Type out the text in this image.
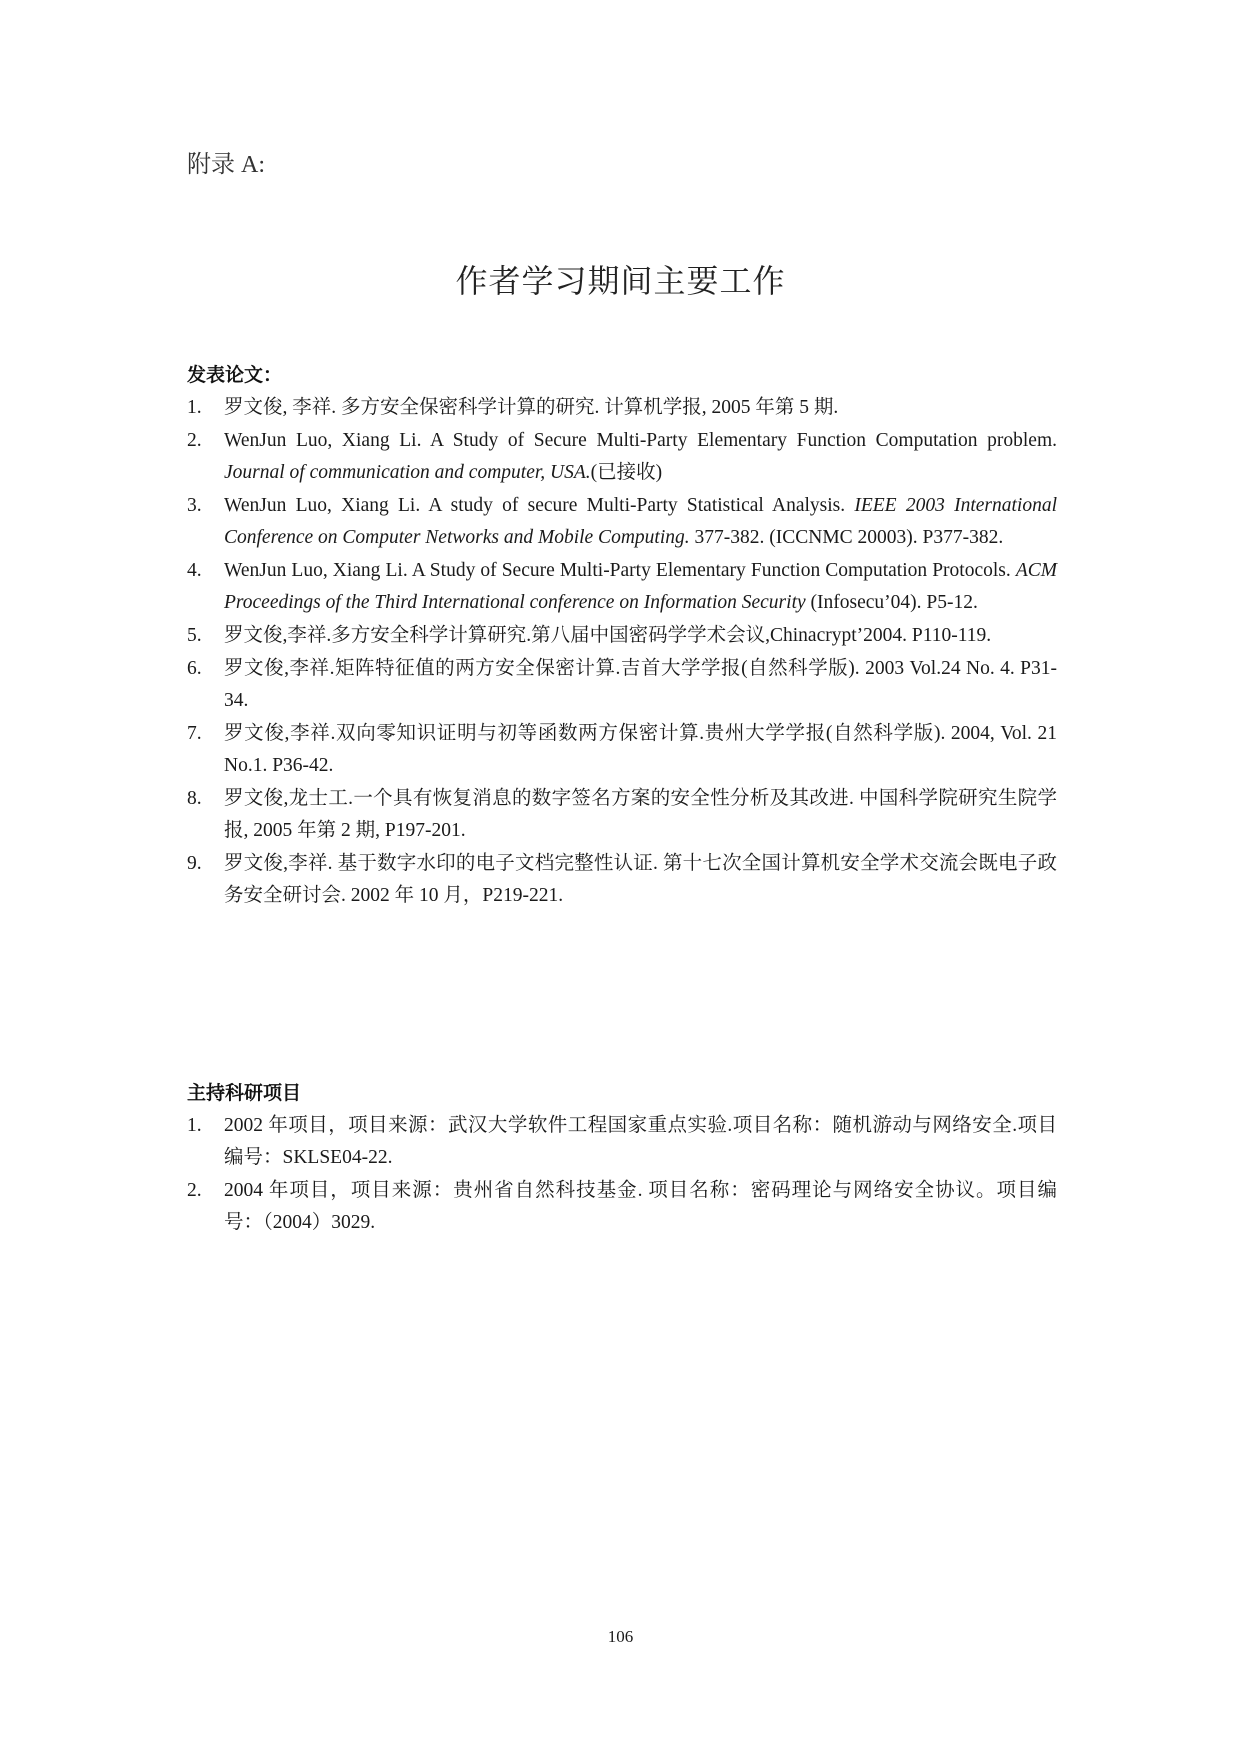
附录 A:
作者学习期间主要工作
发表论文：
1.	罗文俊, 李祥. 多方安全保密科学计算的研究. 计算机学报, 2005 年第 5 期.
2.	WenJun Luo, Xiang Li. A Study of Secure Multi-Party Elementary Function Computation problem. Journal of communication and computer, USA.(已接收)
3.	WenJun Luo, Xiang Li. A study of secure Multi-Party Statistical Analysis. IEEE 2003 International Conference on Computer Networks and Mobile Computing. 377-382. (ICCNMC 20003). P377-382.
4.	WenJun Luo, Xiang Li. A Study of Secure Multi-Party Elementary Function Computation Protocols. ACM Proceedings of the Third International conference on Information Security (Infosecu’04). P5-12.
5.	罗文俊,李祥.多方安全科学计算研究.第八届中国密码学学术会议,Chinacrypt’2004. P110-119.
6.	罗文俊,李祥.矩阵特征值的两方安全保密计算.吉首大学学报(自然科学版). 2003 Vol.24 No. 4. P31-34.
7.	罗文俊,李祥.双向零知识证明与初等函数两方保密计算.贵州大学学报(自然科学版). 2004, Vol. 21 No.1. P36-42.
8.	罗文俊,龙士工.一个具有恢复消息的数字签名方案的安全性分析及其改进. 中国科学院研究生院学报, 2005 年第 2 期, P197-201.
9.	罗文俊,李祥. 基于数字水印的电子文档完整性认证. 第十七次全国计算机安全学术交流会既电子政务安全研讨会. 2002 年 10 月，P219-221.
主持科研项目
1.	2002 年项目，项目来源：武汉大学软件工程国家重点实验.项目名称：随机游动与网络安全.项目编号：SKLSE04-22.
2.	2004 年项目，项目来源：贵州省自然科技基金. 项目名称：密码理论与网络安全协议。项目编号：（2004）3029.
106
